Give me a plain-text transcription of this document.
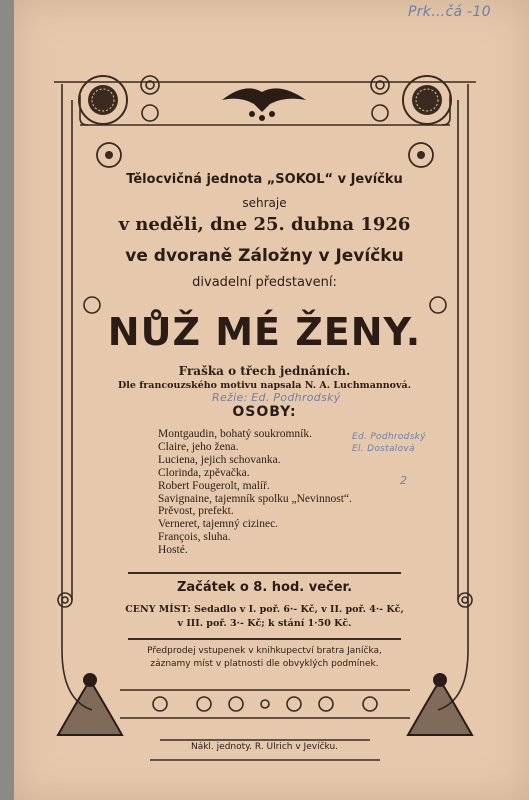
Prk…čá -10
Režie: Ed. Podhrodský
Ed. Podhrodský
El. Dostalová
2
Tělocvičná jednota „SOKOL“ v Jevíčku
sehraje
v neděli, dne 25. dubna 1926
ve dvoraně Záložny v Jevíčku
divadelní představení:
NŮŽ MÉ ŽENY.
Fraška o třech jednáních.
Dle francouzského motivu napsala N. A. Luchmannová.
OSOBY:
Montgaudin, bohatý soukromník.
Claire, jeho žena.
Luciena, jejich schovanka.
Clorinda, zpěvačka.
Robert Fougerolt, malíř.
Savignaine, tajemník spolku „Nevinnost“.
Prěvost, prefekt.
Verneret, tajemný cizinec.
François, sluha.
Hosté.
Začátek o 8. hod. večer.
CENY MÍST: Sedadlo v I. poř. 6·- Kč, v II. poř. 4·- Kč,
v III. poř. 3·- Kč; k stání 1·50 Kč.
Předprodej vstupenek v knihkupectví bratra Janíčka,
záznamy míst v platnosti dle obvyklých podmínek.
Nákl. jednoty. R. Ulrich v Jevíčku.
